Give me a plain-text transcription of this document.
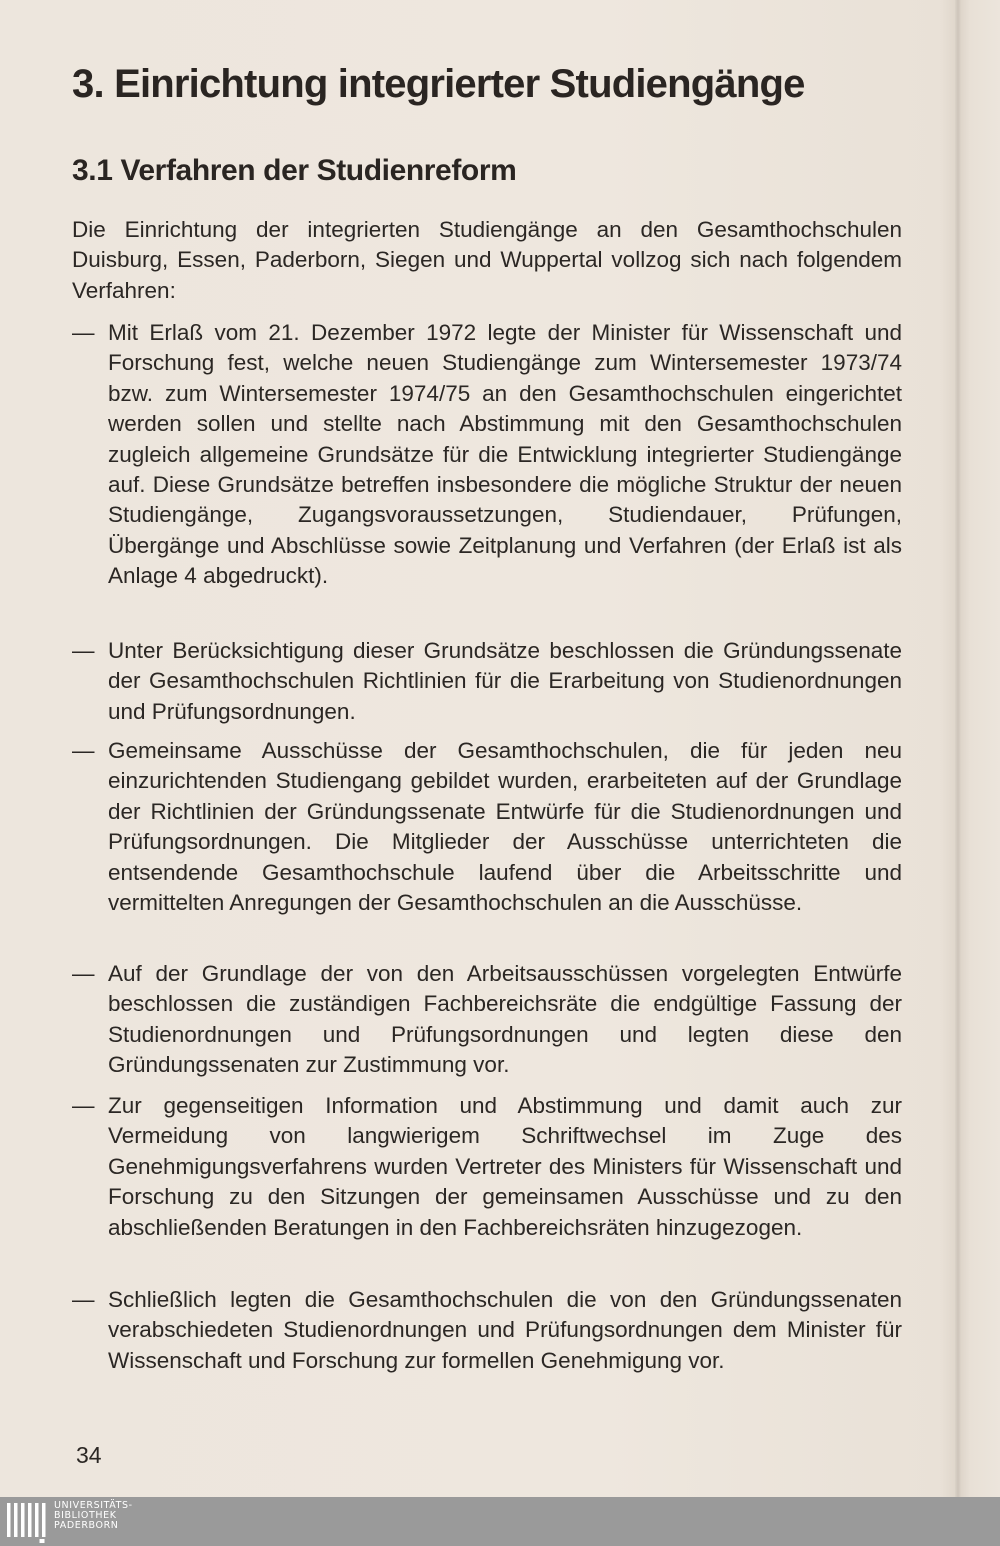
3. Einrichtung integrierter Studiengänge
3.1 Verfahren der Studienreform

Die Einrichtung der integrierten Studiengänge an den Gesamthochschulen Duisburg, Essen, Paderborn, Siegen und Wuppertal vollzog sich nach folgendem Verfahren:

— Mit Erlaß vom 21. Dezember 1972 legte der Minister für Wissenschaft und Forschung fest, welche neuen Studiengänge zum Wintersemester 1973/74 bzw. zum Wintersemester 1974/75 an den Gesamthochschulen eingerichtet werden sollen und stellte nach Abstimmung mit den Gesamthochschulen zugleich allgemeine Grundsätze für die Entwicklung integrierter Studiengänge auf. Diese Grundsätze betreffen insbesondere die mögliche Struktur der neuen Studiengänge, Zugangsvoraussetzungen, Studiendauer, Prüfungen, Übergänge und Abschlüsse sowie Zeitplanung und Verfahren (der Erlaß ist als Anlage 4 abgedruckt).
— Unter Berücksichtigung dieser Grundsätze beschlossen die Gründungssenate der Gesamthochschulen Richtlinien für die Erarbeitung von Studienordnungen und Prüfungsordnungen.
— Gemeinsame Ausschüsse der Gesamthochschulen, die für jeden neu einzurichtenden Studiengang gebildet wurden, erarbeiteten auf der Grundlage der Richtlinien der Gründungssenate Entwürfe für die Studienordnungen und Prüfungsordnungen. Die Mitglieder der Ausschüsse unterrichteten die entsendende Gesamthochschule laufend über die Arbeitsschritte und vermittelten Anregungen der Gesamthochschulen an die Ausschüsse.
— Auf der Grundlage der von den Arbeitsausschüssen vorgelegten Entwürfe beschlossen die zuständigen Fachbereichsräte die endgültige Fassung der Studienordnungen und Prüfungsordnungen und legten diese den Gründungssenaten zur Zustimmung vor.
— Zur gegenseitigen Information und Abstimmung und damit auch zur Vermeidung von langwierigem Schriftwechsel im Zuge des Genehmigungsverfahrens wurden Vertreter des Ministers für Wissenschaft und Forschung zu den Sitzungen der gemeinsamen Ausschüsse und zu den abschließenden Beratungen in den Fachbereichsräten hinzugezogen.
— Schließlich legten die Gesamthochschulen die von den Gründungssenaten verabschiedeten Studienordnungen und Prüfungsordnungen dem Minister für Wissenschaft und Forschung zur formellen Genehmigung vor.
34
UNIVERSITÄTS-
BIBLIOTHEK
PADERBORN
